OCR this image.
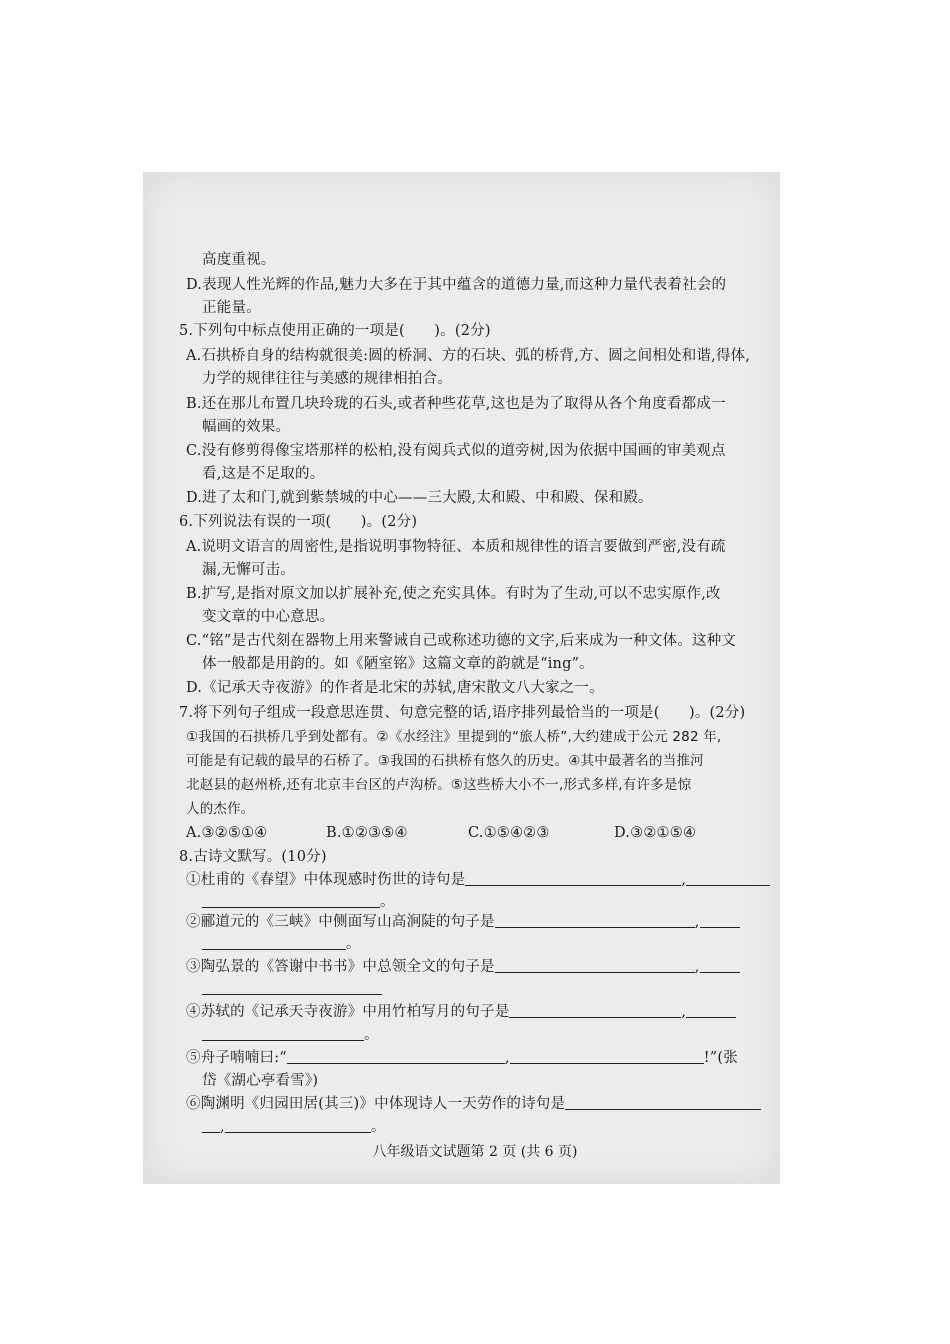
高度重视。
D.表现人性光辉的作品,魅力大多在于其中蕴含的道德力量,而这种力量代表着社会的
正能量。
5.下列句中标点使用正确的一项是(　　)。(2分)
A.石拱桥自身的结构就很美:圆的桥洞、方的石块、弧的桥背,方、圆之间相处和谐,得体,
力学的规律往往与美感的规律相拍合。
B.还在那儿布置几块玲珑的石头,或者种些花草,这也是为了取得从各个角度看都成一
幅画的效果。
C.没有修剪得像宝塔那样的松柏,没有阅兵式似的道旁树,因为依据中国画的审美观点
看,这是不足取的。
D.进了太和门,就到紫禁城的中心——三大殿,太和殿、中和殿、保和殿。
6.下列说法有误的一项(　　)。(2分)
A.说明文语言的周密性,是指说明事物特征、本质和规律性的语言要做到严密,没有疏
漏,无懈可击。
B.扩写,是指对原文加以扩展补充,使之充实具体。有时为了生动,可以不忠实原作,改
变文章的中心意思。
C.“铭”是古代刻在器物上用来警诫自己或称述功德的文字,后来成为一种文体。这种文
体一般都是用韵的。如《陋室铭》这篇文章的韵就是“ing”。
D.《记承天寺夜游》的作者是北宋的苏轼,唐宋散文八大家之一。
7.将下列句子组成一段意思连贯、句意完整的话,语序排列最恰当的一项是(　　)。(2分)
①我国的石拱桥几乎到处都有。②《水经注》里提到的“旅人桥”,大约建成于公元 282 年,
可能是有记载的最早的石桥了。③我国的石拱桥有悠久的历史。④其中最著名的当推河
北赵县的赵州桥,还有北京丰台区的卢沟桥。⑤这些桥大小不一,形式多样,有许多是惊
人的杰作。
A.③②⑤①④	B.①②③⑤④	C.①⑤④②③	D.③②①⑤④
8.古诗文默写。(10分)
①杜甫的《春望》中体现感时伤世的诗句是	,
。
②郦道元的《三峡》中侧面写山高涧陡的句子是	,
。
③陶弘景的《答谢中书书》中总领全文的句子是	,
④苏轼的《记承天寺夜游》中用竹柏写月的句子是	,
。
⑤舟子喃喃曰:“	,	!”(张
岱《湖心亭看雪》)
⑥陶渊明《归园田居(其三)》中体现诗人一天劳作的诗句是
,	。
八年级语文试题第 2 页 (共 6 页)
